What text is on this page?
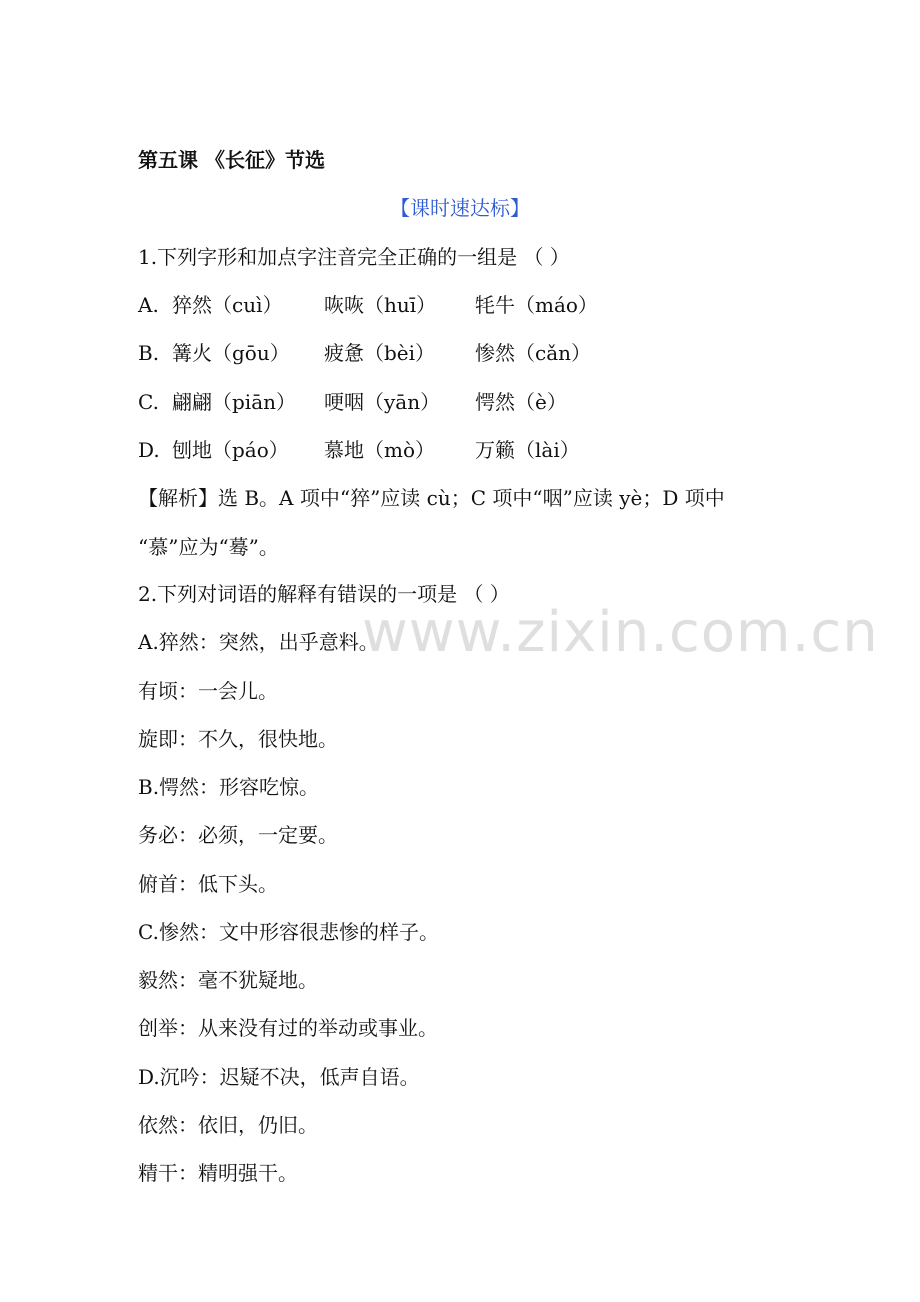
第五课 《长征》节选
【课时速达标】
1.下列字形和加点字注音完全正确的一组是 （ ）
A. 猝然（cuì） 咴咴（huī） 牦牛（máo）
B. 篝火（gōu） 疲惫（bèi） 惨然（cǎn）
C. 翩翩（piān） 哽咽（yān） 愕然（è）
D. 刨地（páo） 慕地（mò） 万籁（lài）
【解析】选 B。A 项中“猝”应读 cù；C 项中“咽”应读 yè；D 项中
“慕”应为“蓦”。
2.下列对词语的解释有错误的一项是 （ ）
A.猝然：突然，出乎意料。
有顷：一会儿。
旋即：不久，很快地。
B.愕然：形容吃惊。
务必：必须，一定要。
俯首：低下头。
C.惨然：文中形容很悲惨的样子。
毅然：毫不犹疑地。
创举：从来没有过的举动或事业。
D.沉吟：迟疑不决，低声自语。
依然：依旧，仍旧。
精干：精明强干。
www.zixin.com.cn
